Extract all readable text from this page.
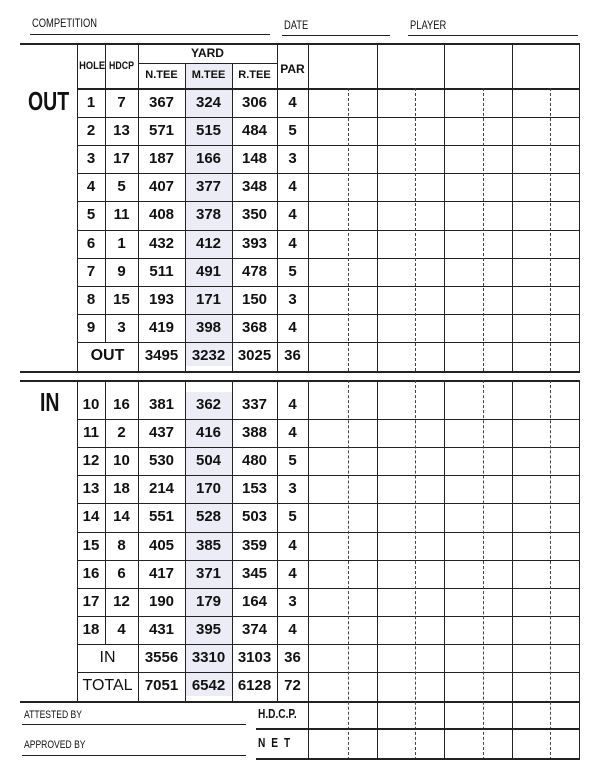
COMPETITION	DATE	PLAYER
HOLE HDCP
YARD
N.TEE	M.TEE	R.TEE PAR
OUT	1	7	367	324	306	4
2	13	571	515	484	5
3	17	187	166	148	3
4	5	407	377	348	4
5	11	408	378	350	4
6	1	432	412	393	4
7	9	511	491	478	5
8	15	193	171	150	3
9	3	419	398	368	4
OUT	3495 3232 3025 36
IN	10 16	381	362	337	4
11	2	437	416	388	4
12 10	530	504	480	5
13 18	214	170	153	3
14 14	551	528	503	5
15	8	405	385	359	4
16	6	417	371	345	4
17 12	190	179	164	3
18	4	431	395	374	4
IN	3556 3310 3103 36
TOTAL 7051 6542 6128 72
ATTESTED BY
APPROVED BY
H.D.C.P.
N E T
